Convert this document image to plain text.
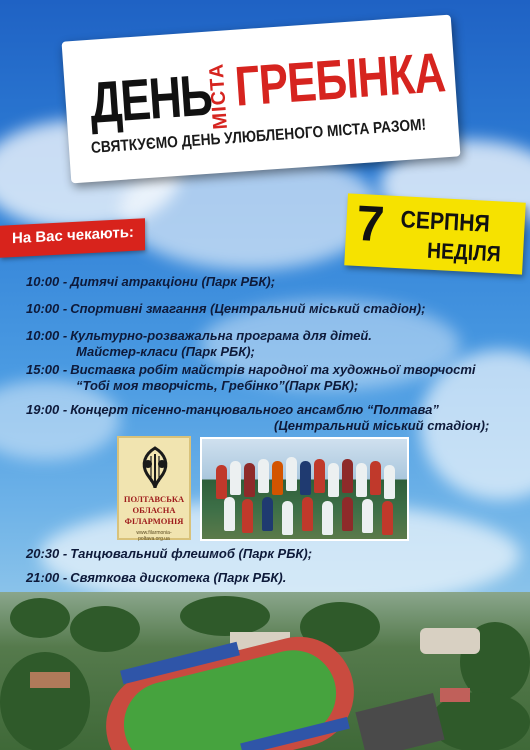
ДЕНЬ
МІСТА ГРЕБІНКА
СВЯТКУЄМО ДЕНЬ УЛЮБЛЕНОГО МІСТА РАЗОМ!
На Вас чекають:	7 СЕРПНЯ
НЕДІЛЯ
10:00 - Дитячі атракціони (Парк РБК);
10:00 - Спортивні змагання (Центральний міський стадіон);
10:00 - Культурно-розважальна програма для дітей.
Майстер-класи (Парк РБК);
15:00 - Виставка робіт майстрів народної та художньої творчості
“Тобі моя творчість, Гребінко”(Парк РБК);
19:00 - Концерт пісенно-танцювального ансамблю “Полтава”
(Центральний міський стадіон);
ПОЛТАВСЬКА
ОБЛАСНА
ФІЛАРМОНІЯ
www.filarmonia-poltava.org.ua
20:30 - Танцювальний флешмоб (Парк РБК);
21:00 - Святкова дискотека (Парк РБК).
